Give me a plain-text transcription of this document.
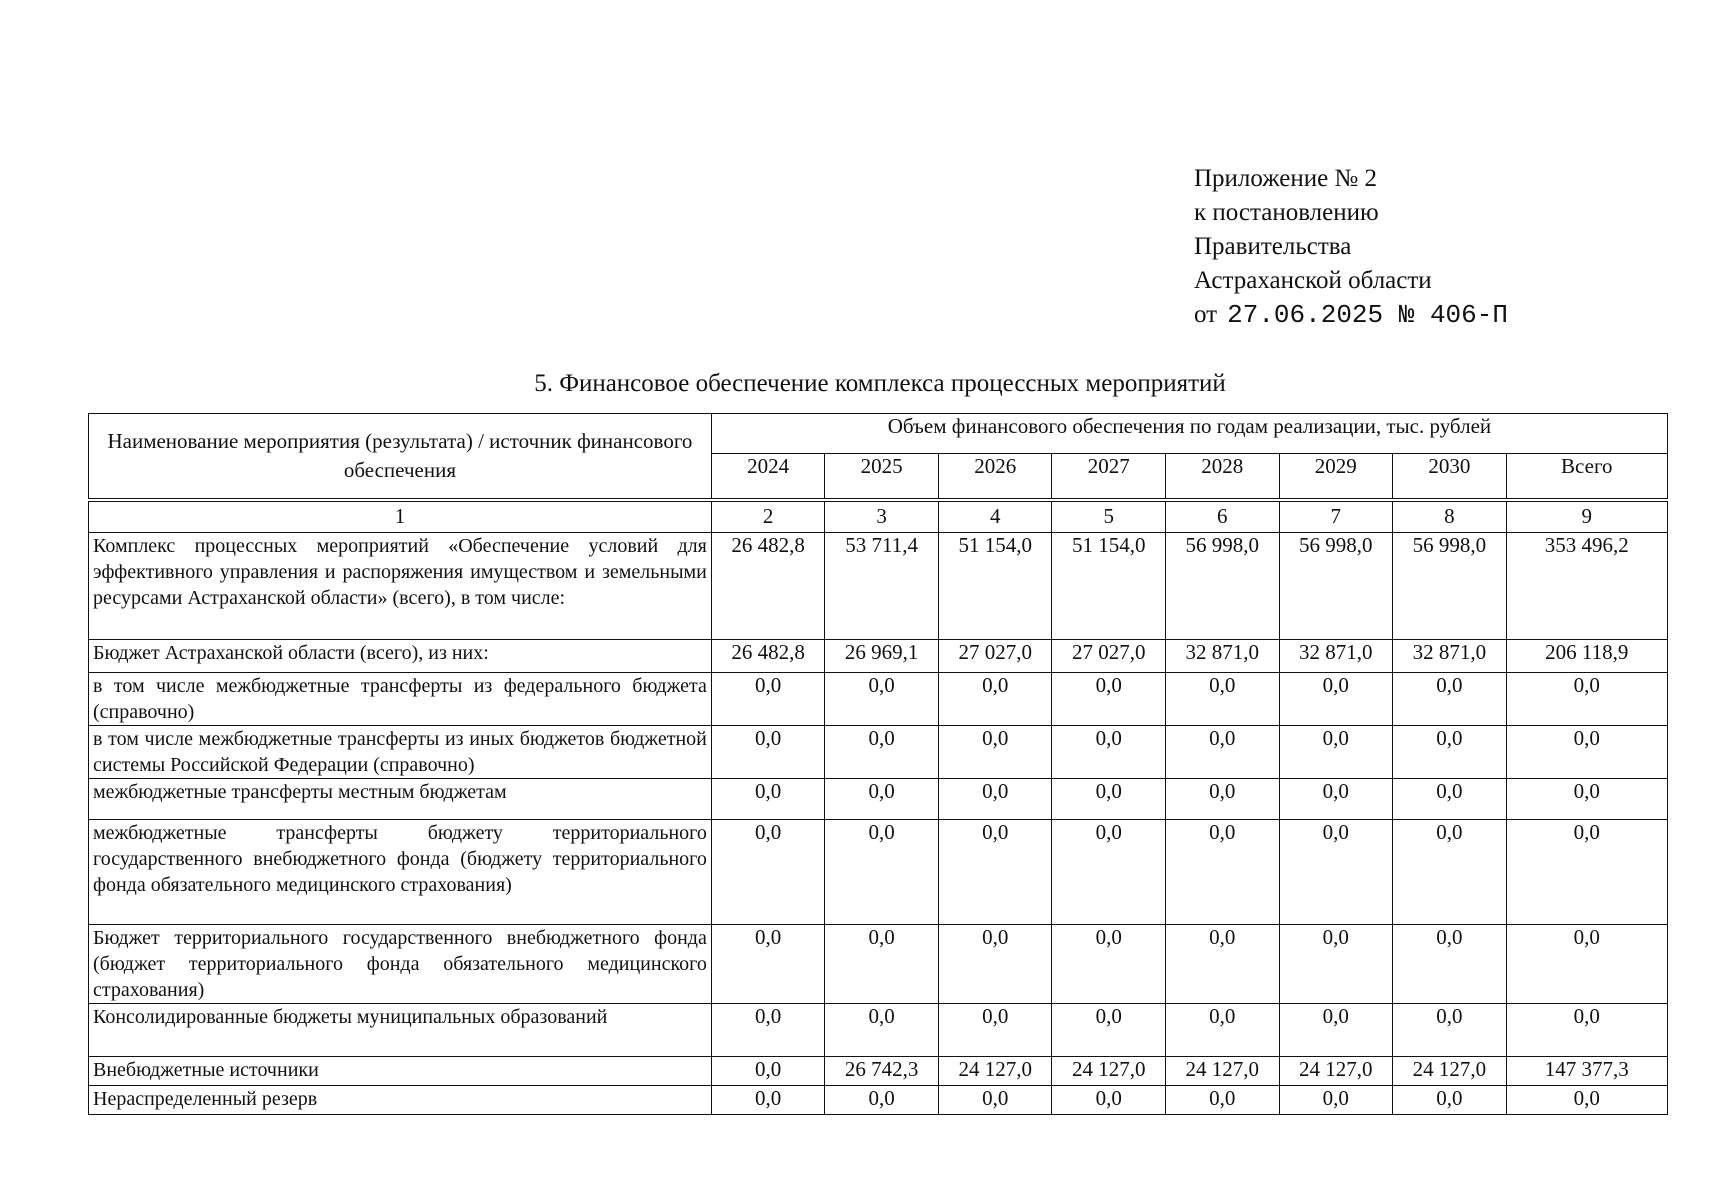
Приложение № 2
к постановлению
Правительства
Астраханской области
от 27.06.2025 № 406-П
5. Финансовое обеспечение комплекса процессных мероприятий
Наименование мероприятия (результата) / источник финансового обеспечения	Объем финансового обеспечения по годам реализации, тыс. рублей							
	2024	2025	2026	2027	2028	2029	2030	Всего
1	2	3	4	5	6	7	8	9
Комплекс процессных мероприятий «Обеспечение условий для эффективного управления и распоряжения имуществом и земельными ресурсами Астраханской области» (всего), в том числе:	26 482,8	53 711,4	51 154,0	51 154,0	56 998,0	56 998,0	56 998,0	353 496,2
Бюджет Астраханской области (всего), из них:	26 482,8	26 969,1	27 027,0	27 027,0	32 871,0	32 871,0	32 871,0	206 118,9
в том числе межбюджетные трансферты из федерального бюджета (справочно)	0,0	0,0	0,0	0,0	0,0	0,0	0,0	0,0
в том числе межбюджетные трансферты из иных бюджетов бюджетной системы Российской Федерации (справочно)	0,0	0,0	0,0	0,0	0,0	0,0	0,0	0,0
межбюджетные трансферты местным бюджетам	0,0	0,0	0,0	0,0	0,0	0,0	0,0	0,0
межбюджетные трансферты бюджету территориального государственного внебюджетного фонда (бюджету территориального фонда обязательного медицинского страхования)	0,0	0,0	0,0	0,0	0,0	0,0	0,0	0,0
Бюджет территориального государственного внебюджетного фонда (бюджет территориального фонда обязательного медицинского страхования)	0,0	0,0	0,0	0,0	0,0	0,0	0,0	0,0
Консолидированные бюджеты муниципальных образований	0,0	0,0	0,0	0,0	0,0	0,0	0,0	0,0
Внебюджетные источники	0,0	26 742,3	24 127,0	24 127,0	24 127,0	24 127,0	24 127,0	147 377,3
Нераспределенный резерв	0,0	0,0	0,0	0,0	0,0	0,0	0,0	0,0
